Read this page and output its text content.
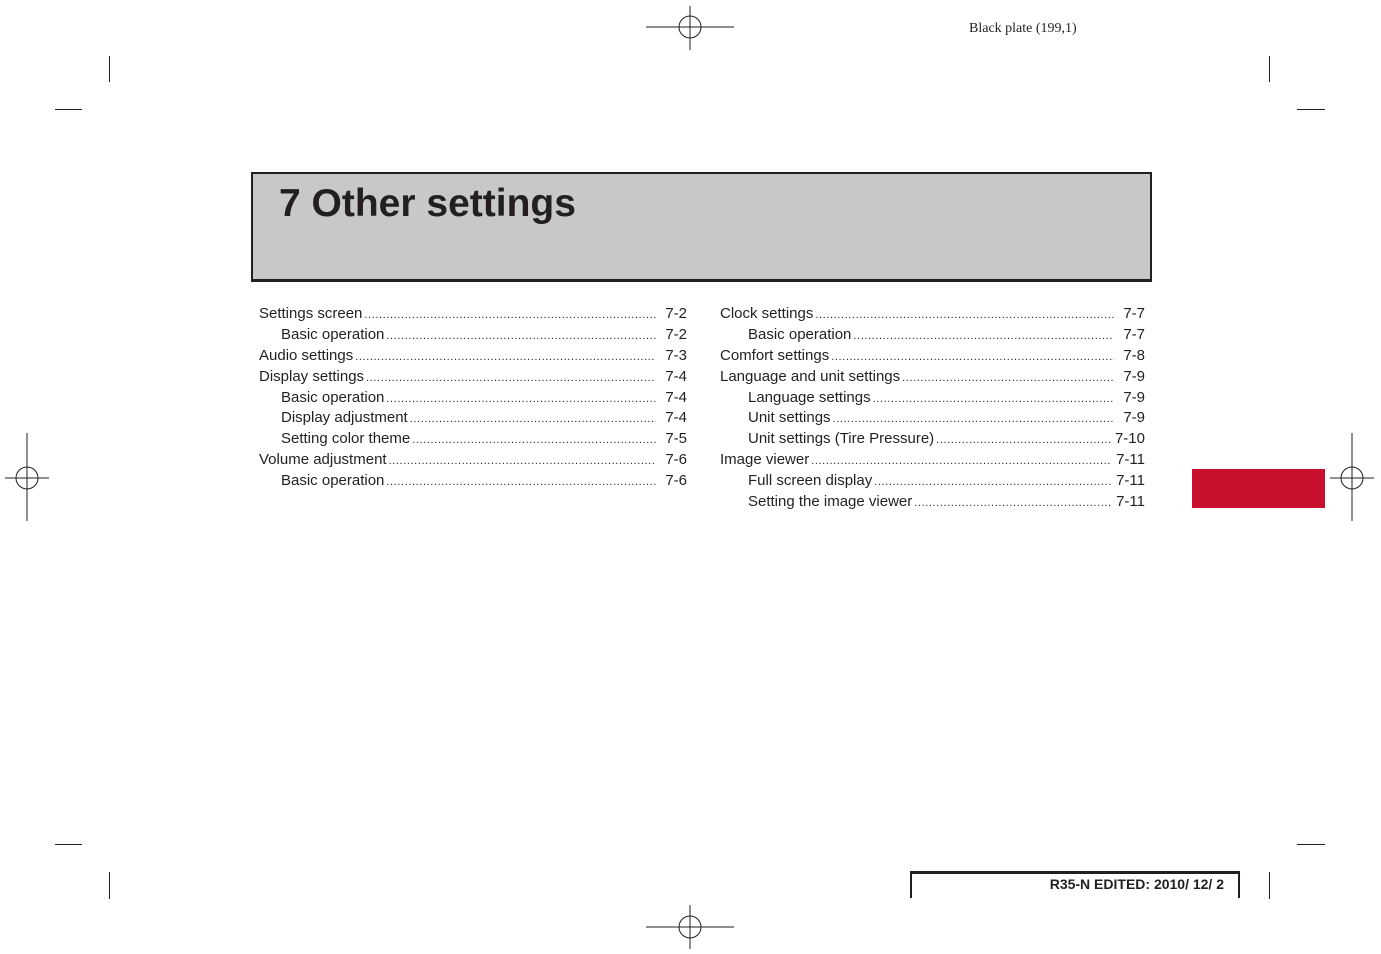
Black plate (199,1)
7 Other settings
Settings screen .....	7-2
Basic operation .....	7-2
Audio settings .....	7-3
Display settings .....	7-4
Basic operation .....	7-4
Display adjustment .....	7-4
Setting color theme .....	7-5
Volume adjustment .....	7-6
Basic operation .....	7-6
Clock settings .....	7-7
Basic operation .....	7-7
Comfort settings .....	7-8
Language and unit settings .....	7-9
Language settings .....	7-9
Unit settings .....	7-9
Unit settings (Tire Pressure) .....	7-10
Image viewer .....	7-11
Full screen display .....	7-11
Setting the image viewer .....	7-11
R35-N EDITED: 2010/ 12/ 2
